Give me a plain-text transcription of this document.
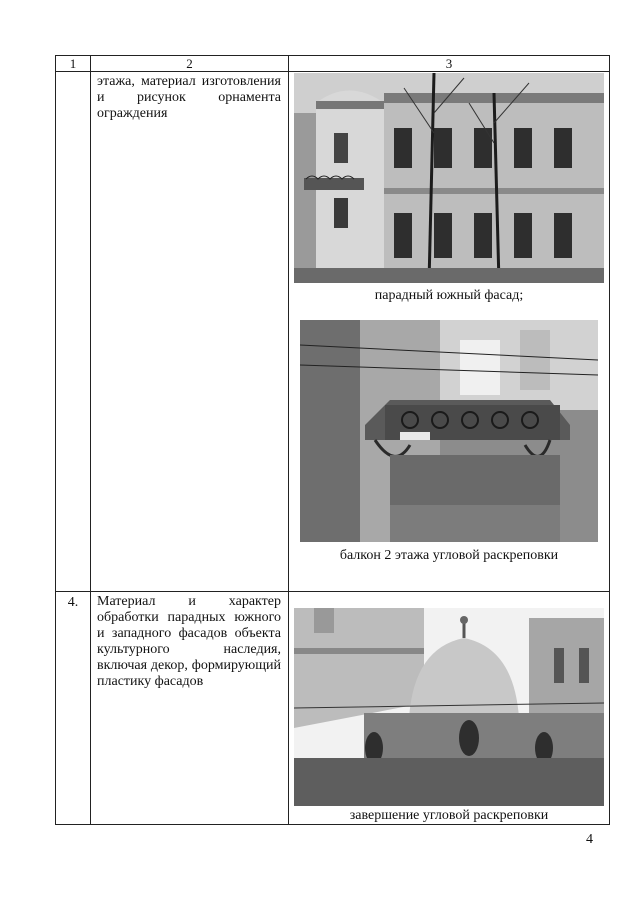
1	2	3
	этажа, материал изготовления и рисунок орнамента ограждения	парадный южный фасад;
балкон 2 этажа угловой раскреповки

4.	Материал и характер обработки парадных южного и западного фасадов объекта культурного наследия, включая декор, формирующий пластику фасадов	завершение угловой раскреповки
4
